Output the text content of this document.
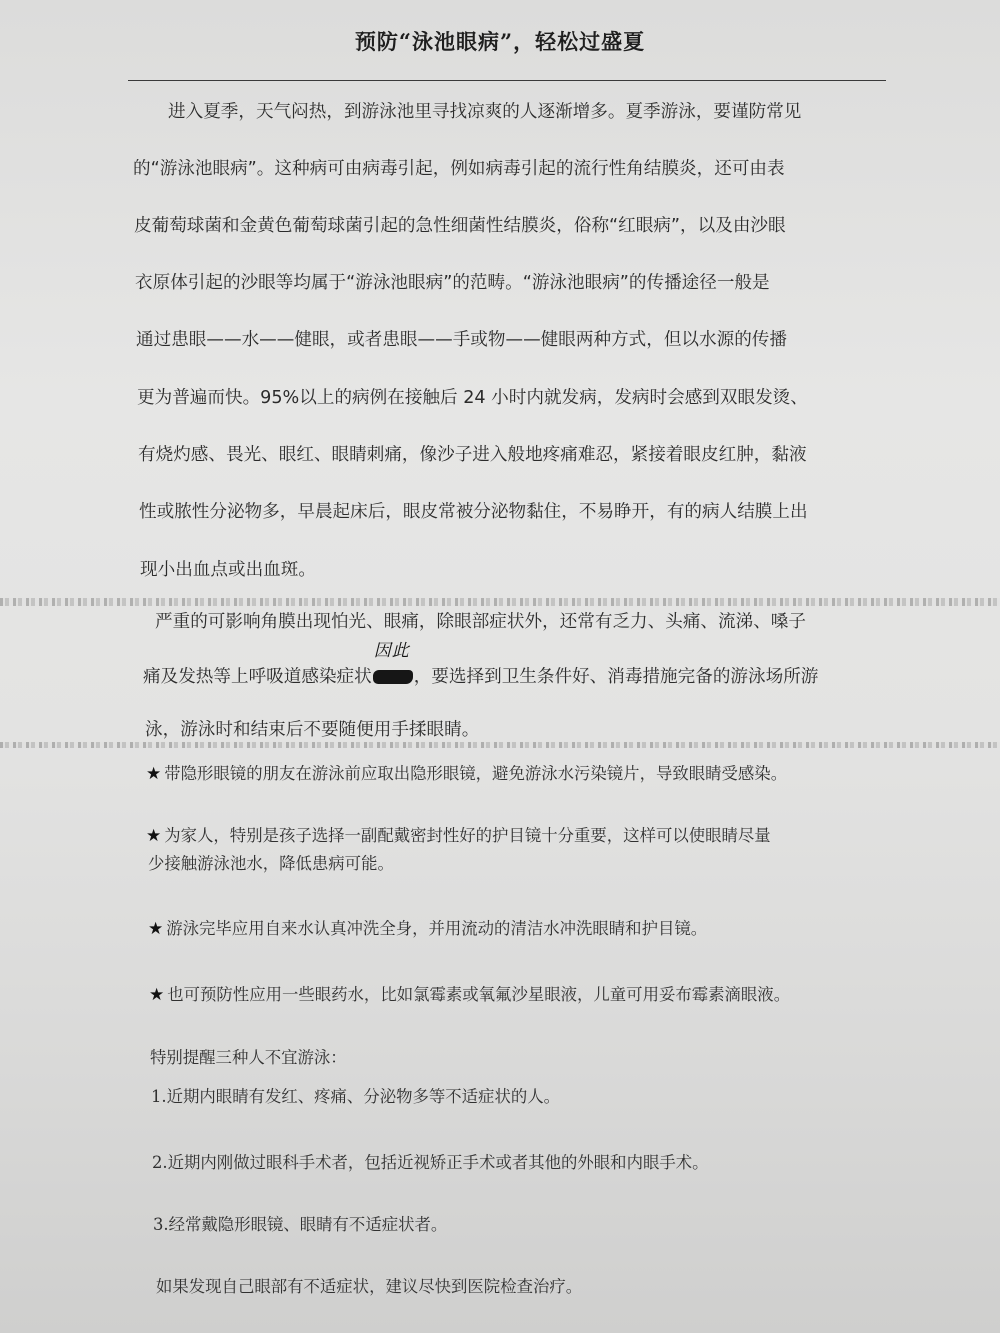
预防“泳池眼病”，轻松过盛夏
进入夏季，天气闷热，到游泳池里寻找凉爽的人逐渐增多。夏季游泳，要谨防常见
的“游泳池眼病”。这种病可由病毒引起，例如病毒引起的流行性角结膜炎，还可由表
皮葡萄球菌和金黄色葡萄球菌引起的急性细菌性结膜炎，俗称“红眼病”，以及由沙眼
衣原体引起的沙眼等均属于“游泳池眼病”的范畴。“游泳池眼病”的传播途径一般是
通过患眼——水——健眼，或者患眼——手或物——健眼两种方式，但以水源的传播
更为普遍而快。95%以上的病例在接触后 24 小时内就发病，发病时会感到双眼发烫、
有烧灼感、畏光、眼红、眼睛刺痛，像沙子进入般地疼痛难忍，紧接着眼皮红肿，黏液
性或脓性分泌物多，早晨起床后，眼皮常被分泌物黏住，不易睁开，有的病人结膜上出
现小出血点或出血斑。
严重的可影响角膜出现怕光、眼痛，除眼部症状外，还常有乏力、头痛、流涕、嗓子
痛及发热等上呼吸道感染症状
因此
，要选择到卫生条件好、消毒措施完备的游泳场所游
泳，游泳时和结束后不要随便用手揉眼睛。
★ 带隐形眼镜的朋友在游泳前应取出隐形眼镜，避免游泳水污染镜片，导致眼睛受感染。
★ 为家人，特别是孩子选择一副配戴密封性好的护目镜十分重要，这样可以使眼睛尽量
少接触游泳池水，降低患病可能。
★ 游泳完毕应用自来水认真冲洗全身，并用流动的清洁水冲洗眼睛和护目镜。
★ 也可预防性应用一些眼药水，比如氯霉素或氧氟沙星眼液，儿童可用妥布霉素滴眼液。
特别提醒三种人不宜游泳：
1.近期内眼睛有发红、疼痛、分泌物多等不适症状的人。
2.近期内刚做过眼科手术者，包括近视矫正手术或者其他的外眼和内眼手术。
3.经常戴隐形眼镜、眼睛有不适症状者。
如果发现自己眼部有不适症状，建议尽快到医院检查治疗。
